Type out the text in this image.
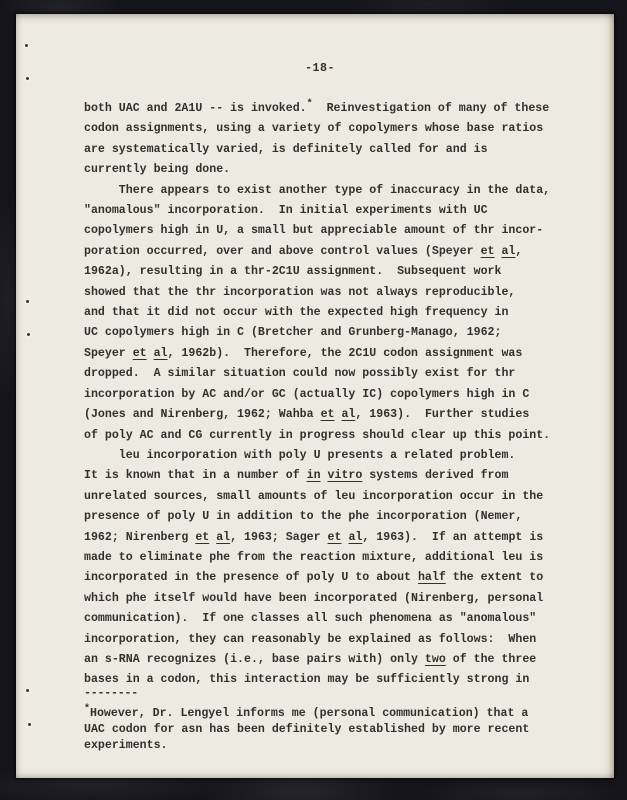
-18-
both UAC and 2A1U -- is invoked.*  Reinvestigation of many of these
codon assignments, using a variety of copolymers whose base ratios
are systematically varied, is definitely called for and is
currently being done.
There appears to exist another type of inaccuracy in the data,
"anomalous" incorporation.  In initial experiments with UC
copolymers high in U, a small but appreciable amount of thr incor-
poration occurred, over and above control values (Speyer et al,
1962a), resulting in a thr-2C1U assignment.  Subsequent work
showed that the thr incorporation was not always reproducible,
and that it did not occur with the expected high frequency in
UC copolymers high in C (Bretcher and Grunberg-Manago, 1962;
Speyer et al, 1962b).  Therefore, the 2C1U codon assignment was
dropped.  A similar situation could now possibly exist for thr
incorporation by AC and/or GC (actually IC) copolymers high in C
(Jones and Nirenberg, 1962; Wahba et al, 1963).  Further studies
of poly AC and CG currently in progress should clear up this point.
leu incorporation with poly U presents a related problem.
It is known that in a number of in vitro systems derived from
unrelated sources, small amounts of leu incorporation occur in the
presence of poly U in addition to the phe incorporation (Nemer,
1962; Nirenberg et al, 1963; Sager et al, 1963).  If an attempt is
made to eliminate phe from the reaction mixture, additional leu is
incorporated in the presence of poly U to about half the extent to
which phe itself would have been incorporated (Nirenberg, personal
communication).  If one classes all such phenomena as "anomalous"
incorporation, they can reasonably be explained as follows:  When
an s-RNA recognizes (i.e., base pairs with) only two of the three
bases in a codon, this interaction may be sufficiently strong in
--------
*However, Dr. Lengyel informs me (personal communication) that a
UAC codon for asn has been definitely established by more recent
experiments.
